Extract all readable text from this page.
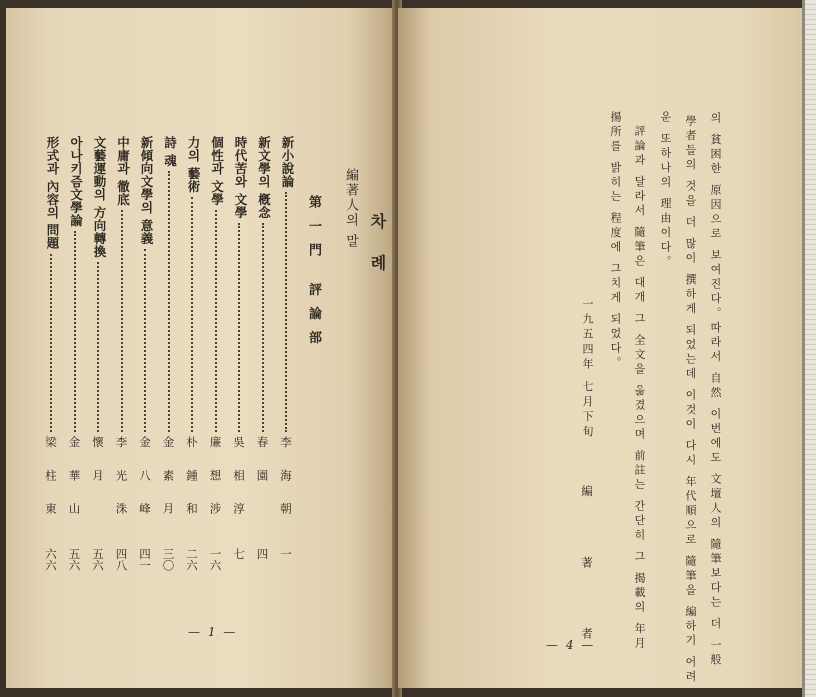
차 례
編著人의 말
第一門 評論部
新小說論
李 海 朝
一
新文學의 槪念
春 園
四
時代苦와 文學
吳 相 淳
七
個性과 文學
廉 想 涉
一六
力의 藝術
朴 鍾 和
二六
詩 魂
金 素 月
三〇
新傾向文學의 意義
金 八 峰
四一
中庸과 徹底
李 光 洙
四八
文藝運動의 方向轉換
懷 月
五六
아나키즘文學論
金 華 山
五六
形式과 內容의 問題
梁 柱 東
六六
— 1 —	의 貧困한 原因으로 보여진다。따라서 自然 이번에도 文壇人의 隨筆보다는 더 一般
學者들의 것을 더 많이 撰하게 되었는데 이것이 다시 年代順으로 隨筆을 編하기 어려
운 또하나의 理由이다。
評論과 달라서 隨筆은 대개 그 全文을 옮겼으며 前註는 간단히 그 揭載의 年月
揚所를 밝히는 程度에 그치게 되었다。
一九五四年 七月下旬
編 著 者
— 4 —
